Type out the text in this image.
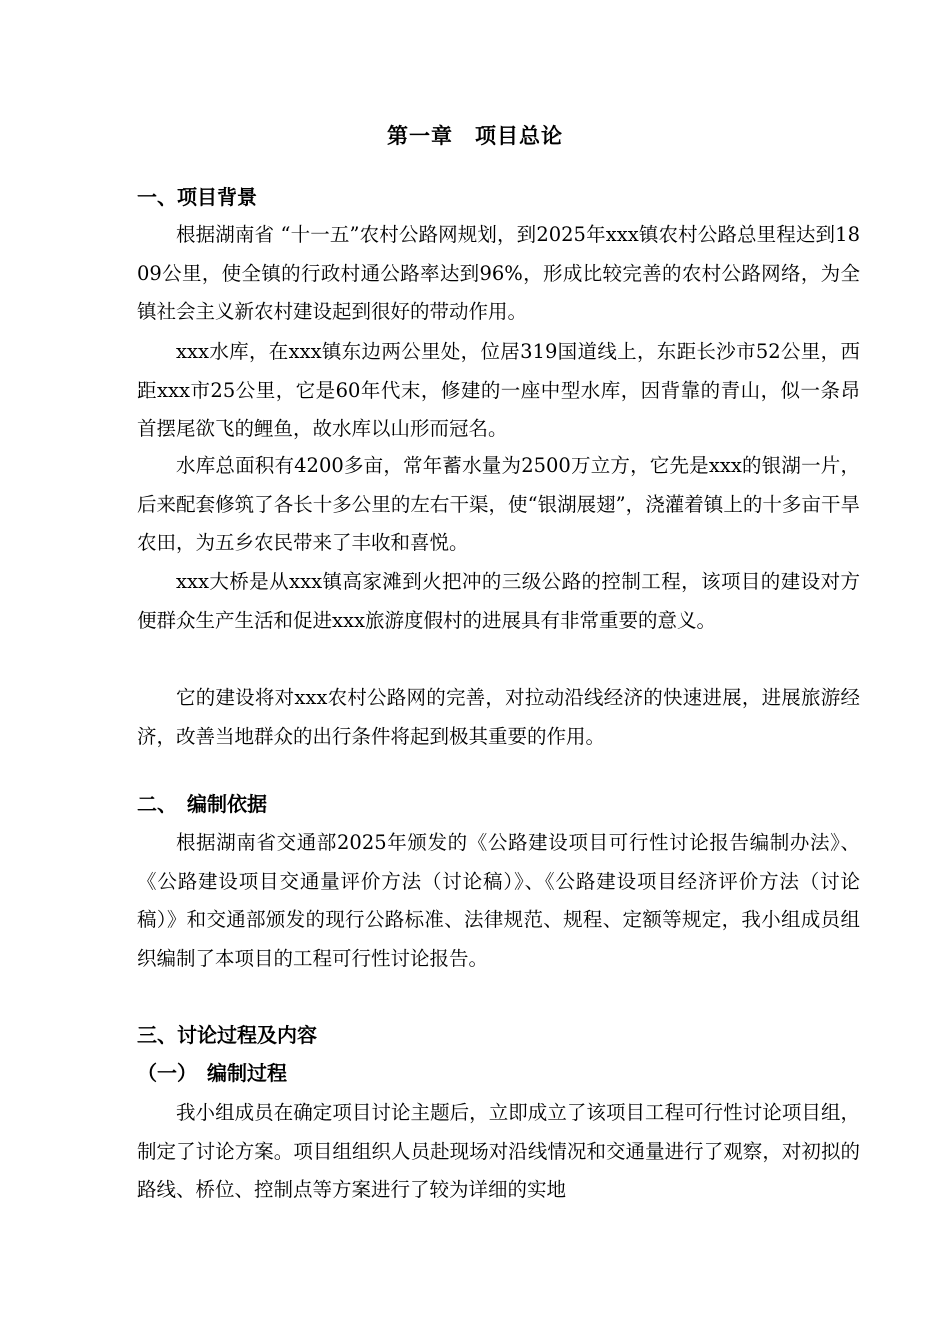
第一章　项目总论
一、项目背景

根据湖南省 “十一五”农村公路网规划，到2025年xxx镇农村公路总里程达到1809公里，使全镇的行政村通公路率达到96%，形成比较完善的农村公路网络，为全镇社会主义新农村建设起到很好的带动作用。

xxx水库，在xxx镇东边两公里处，位居319国道线上，东距长沙市52公里，西距xxx市25公里，它是60年代末，修建的一座中型水库，因背靠的青山，似一条昂首摆尾欲飞的鲤鱼，故水库以山形而冠名。

水库总面积有4200多亩，常年蓄水量为2500万立方，它先是xxx的银湖一片，后来配套修筑了各长十多公里的左右干渠，使“银湖展翅”，浇灌着镇上的十多亩干旱农田，为五乡农民带来了丰收和喜悦。

xxx大桥是从xxx镇高家滩到火把冲的三级公路的控制工程，该项目的建设对方便群众生产生活和促进xxx旅游度假村的进展具有非常重要的意义。

它的建设将对xxx农村公路网的完善，对拉动沿线经济的快速进展，进展旅游经济，改善当地群众的出行条件将起到极其重要的作用。

二、　编制依据

根据湖南省交通部2025年颁发的《公路建设项目可行性讨论报告编制办法》、《公路建设项目交通量评价方法（讨论稿）》、《公路建设项目经济评价方法（讨论稿）》和交通部颁发的现行公路标准、法律规范、规程、定额等规定，我小组成员组织编制了本项目的工程可行性讨论报告。

三、讨论过程及内容
（一）　编制过程

我小组成员在确定项目讨论主题后，立即成立了该项目工程可行性讨论项目组，制定了讨论方案。项目组组织人员赴现场对沿线情况和交通量进行了观察，对初拟的路线、桥位、控制点等方案进行了较为详细的实地
